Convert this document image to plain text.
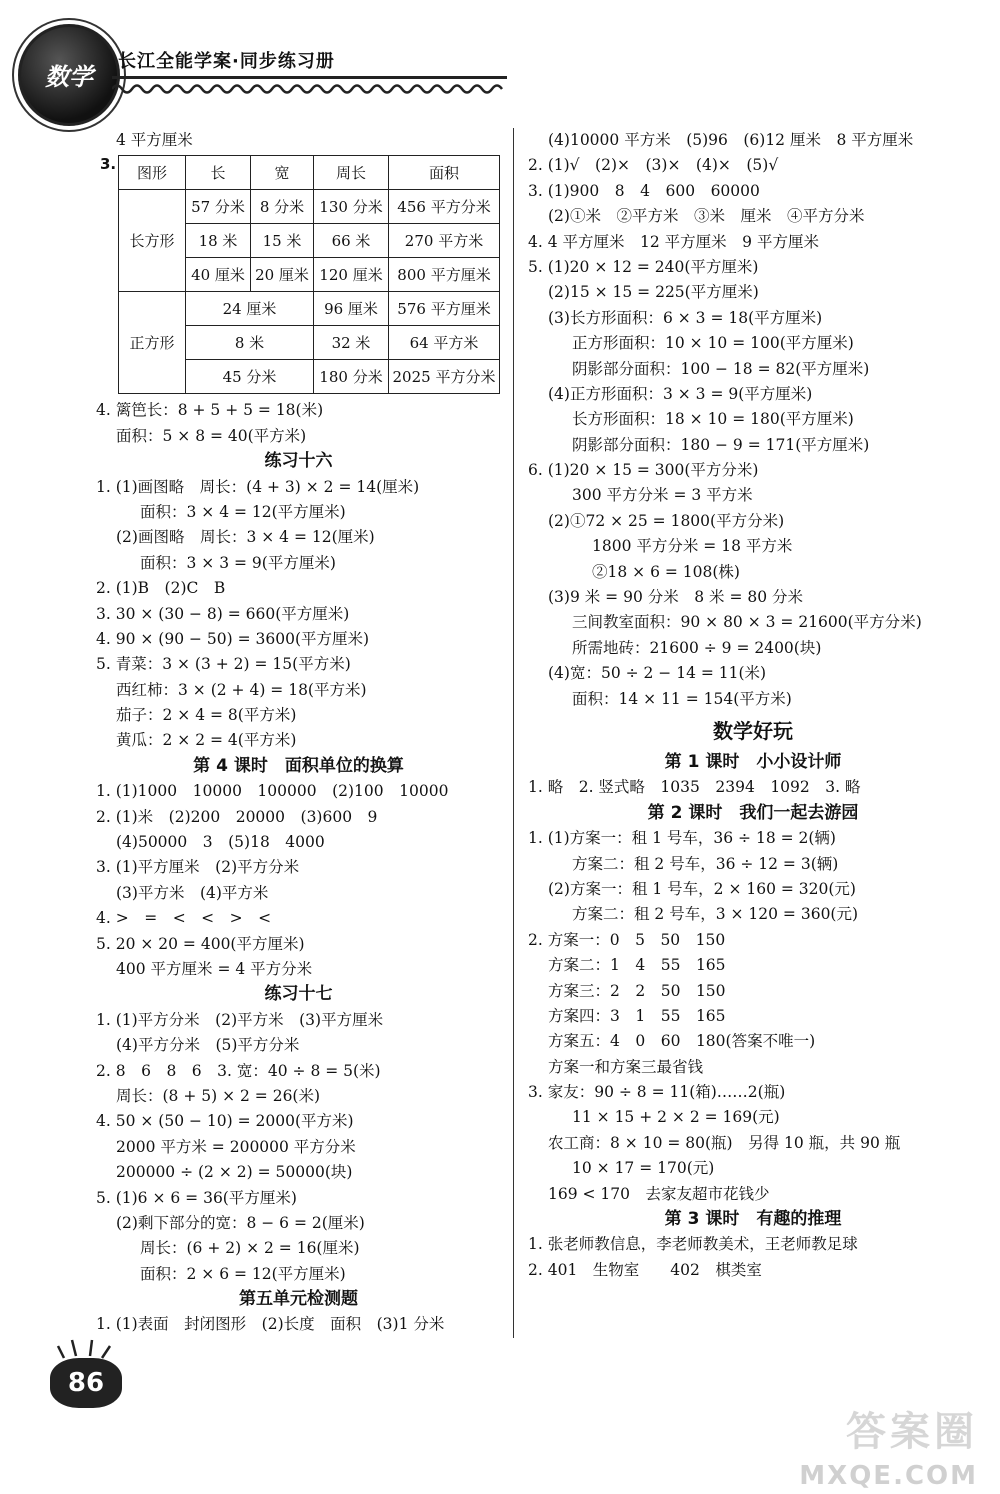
数学
长江全能学案·同步练习册
4 平方厘米
3. 图形	长	宽	周长	面积
长方形	57 分米	8 分米	130 分米	456 平方分米
	18 米	15 米	66 米	270 平方米
	40 厘米	20 厘米	120 厘米	800 平方厘米
正方形	24 厘米		96 厘米	576 平方厘米
	8 米		32 米	64 平方米
	45 分米		180 分米	2025 平方分米
4. 篱笆长：8 + 5 + 5 = 18(米)
面积：5 × 8 = 40(平方米)
练习十六
1. (1)画图略　周长：(4 + 3) × 2 = 14(厘米)
面积：3 × 4 = 12(平方厘米)
(2)画图略　周长：3 × 4 = 12(厘米)
面积：3 × 3 = 9(平方厘米)
2. (1)B　(2)C　B
3. 30 × (30 − 8) = 660(平方厘米)
4. 90 × (90 − 50) = 3600(平方厘米)
5. 青菜：3 × (3 + 2) = 15(平方米)
西红柿：3 × (2 + 4) = 18(平方米)
茄子：2 × 4 = 8(平方米)
黄瓜：2 × 2 = 4(平方米)
第 4 课时　面积单位的换算
1. (1)1000　10000　100000　(2)100　10000
2. (1)米　(2)200　20000　(3)600　9
(4)50000　3　(5)18　4000
3. (1)平方厘米　(2)平方分米
(3)平方米　(4)平方米
4. >　=　<　<　>　<
5. 20 × 20 = 400(平方厘米)
400 平方厘米 = 4 平方分米
练习十七
1. (1)平方分米　(2)平方米　(3)平方厘米
(4)平方分米　(5)平方分米
2. 8　6　8　6　3. 宽：40 ÷ 8 = 5(米)
周长：(8 + 5) × 2 = 26(米)
4. 50 × (50 − 10) = 2000(平方米)
2000 平方米 = 200000 平方分米
200000 ÷ (2 × 2) = 50000(块)
5. (1)6 × 6 = 36(平方厘米)
(2)剩下部分的宽：8 − 6 = 2(厘米)
周长：(6 + 2) × 2 = 16(厘米)
面积：2 × 6 = 12(平方厘米)
第五单元检测题
1. (1)表面　封闭图形　(2)长度　面积　(3)1 分米
(4)10000 平方米　(5)96　(6)12 厘米　8 平方厘米
2. (1)√　(2)×　(3)×　(4)×　(5)√
3. (1)900　8　4　600　60000
(2)①米　②平方米　③米　厘米　④平方分米
4. 4 平方厘米　12 平方厘米　9 平方厘米
5. (1)20 × 12 = 240(平方厘米)
(2)15 × 15 = 225(平方厘米)
(3)长方形面积：6 × 3 = 18(平方厘米)
正方形面积：10 × 10 = 100(平方厘米)
阴影部分面积：100 − 18 = 82(平方厘米)
(4)正方形面积：3 × 3 = 9(平方厘米)
长方形面积：18 × 10 = 180(平方厘米)
阴影部分面积：180 − 9 = 171(平方厘米)
6. (1)20 × 15 = 300(平方分米)
300 平方分米 = 3 平方米
(2)①72 × 25 = 1800(平方分米)
1800 平方分米 = 18 平方米
②18 × 6 = 108(株)
(3)9 米 = 90 分米　8 米 = 80 分米
三间教室面积：90 × 80 × 3 = 21600(平方分米)
所需地砖：21600 ÷ 9 = 2400(块)
(4)宽：50 ÷ 2 − 14 = 11(米)
面积：14 × 11 = 154(平方米)
数学好玩
第 1 课时　小小设计师
1. 略　2. 竖式略　1035　2394　1092　3. 略
第 2 课时　我们一起去游园
1. (1)方案一：租 1 号车，36 ÷ 18 = 2(辆)
方案二：租 2 号车，36 ÷ 12 = 3(辆)
(2)方案一：租 1 号车，2 × 160 = 320(元)
方案二：租 2 号车，3 × 120 = 360(元)
2. 方案一：0　5　50　150
方案二：1　4　55　165
方案三：2　2　50　150
方案四：3　1　55　165
方案五：4　0　60　180(答案不唯一)
方案一和方案三最省钱
3. 家友：90 ÷ 8 = 11(箱)……2(瓶)
11 × 15 + 2 × 2 = 169(元)
农工商：8 × 10 = 80(瓶)　另得 10 瓶，共 90 瓶
10 × 17 = 170(元)
169 < 170　去家友超市花钱少
第 3 课时　有趣的推理
1. 张老师教信息，李老师教美术，王老师教足球
2. 401　生物室　　402　棋类室
86
答案圈
MXQE.COM
